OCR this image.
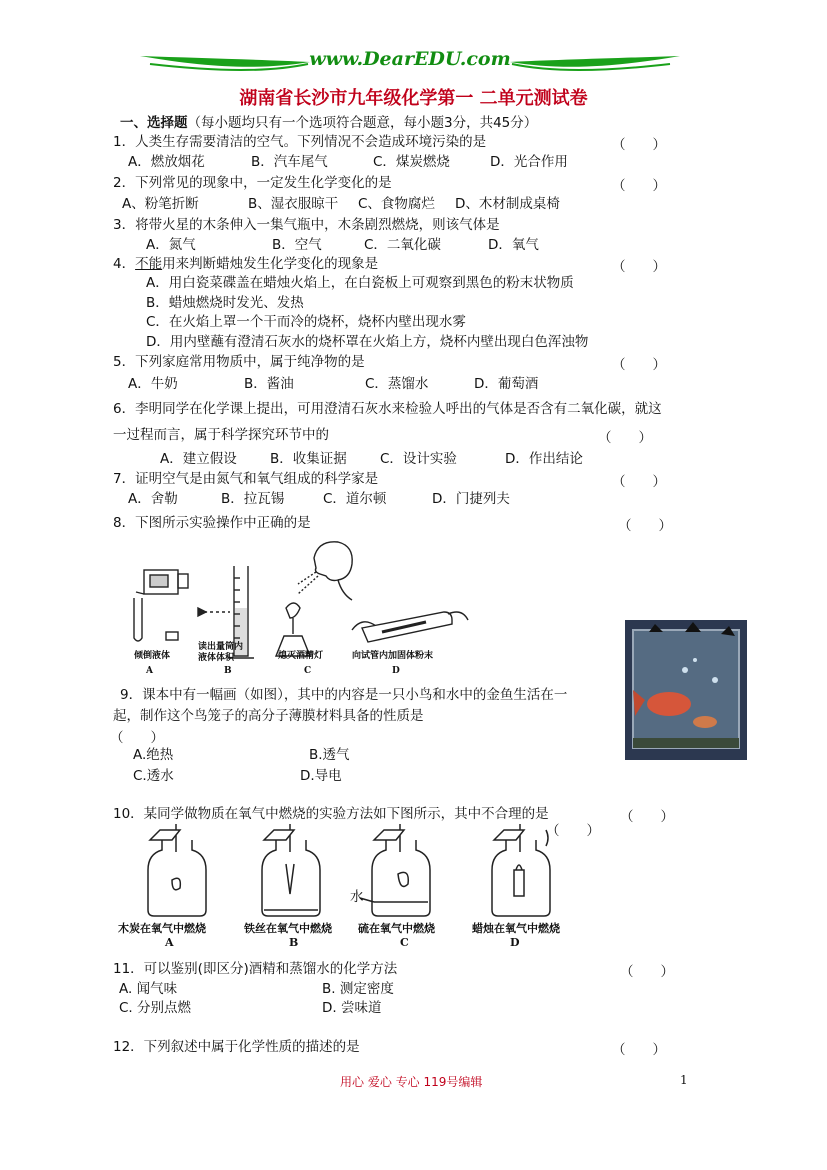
www.DearEDU.com
湖南省长沙市九年级化学第一 二单元测试卷
一、选择题（每小题均只有一个选项符合题意，每小题3分，共45分）
1．人类生存需要清洁的空气。下列情况不会造成环境污染的是	（　　）
A．燃放烟花	B．汽车尾气	C．煤炭燃烧	D．光合作用
2．下列常见的现象中，一定发生化学变化的是	（　　）
A、粉笔折断	B、湿衣服晾干 C、食物腐烂 D、木材制成桌椅
3．将带火星的木条伸入一集气瓶中，木条剧烈燃烧，则该气体是
A．氮气	B．空气	C．二氧化碳	D．氧气
4．不能用来判断蜡烛发生化学变化的现象是	（　　）
A．用白瓷菜碟盖在蜡烛火焰上，在白瓷板上可观察到黑色的粉末状物质
B．蜡烛燃烧时发光、发热
C．在火焰上罩一个干而冷的烧杯，烧杯内壁出现水雾
D．用内壁蘸有澄清石灰水的烧杯罩在火焰上方，烧杯内壁出现白色浑浊物
5．下列家庭常用物质中，属于纯净物的是	（　　）
A．牛奶	B．酱油	C．蒸馏水	D．葡萄酒
6．李明同学在化学课上提出，可用澄清石灰水来检验人呼出的气体是否含有二氧化碳，就这
一过程而言，属于科学探究环节中的	（　　）
A．建立假设 B．收集证据 C．设计实验	D．作出结论
7．证明空气是由氮气和氧气组成的科学家是	（　　）
A．舍勒	B．拉瓦锡	C．道尔顿	D．门捷列夫
8．下图所示实验操作中正确的是	（　　）
倾倒液体
读出量筒内
液体体积	熄灭酒精灯	向试管内加固体粉末
A	B	C	D
9．课本中有一幅画（如图），其中的内容是一只小鸟和水中的金鱼生活在一
起，制作这个鸟笼子的高分子薄膜材料具备的性质是
（　　）
A.绝热	B.透气
C.透水	D.导电
10．某同学做物质在氧气中燃烧的实验方法如下图所示，其中不合理的是	（　　）
（　　）
水
木炭在氧气中燃烧	铁丝在氧气中燃烧 硫在氧气中燃烧	蜡烛在氧气中燃烧
A	B	C	D
11．可以鉴别(即区分)酒精和蒸馏水的化学方法	（　　）
A. 闻气味	B. 测定密度
C. 分别点燃	D. 尝味道
12．下列叙述中属于化学性质的描述的是	（　　）
用心 爱心 专心 119号编辑	1
